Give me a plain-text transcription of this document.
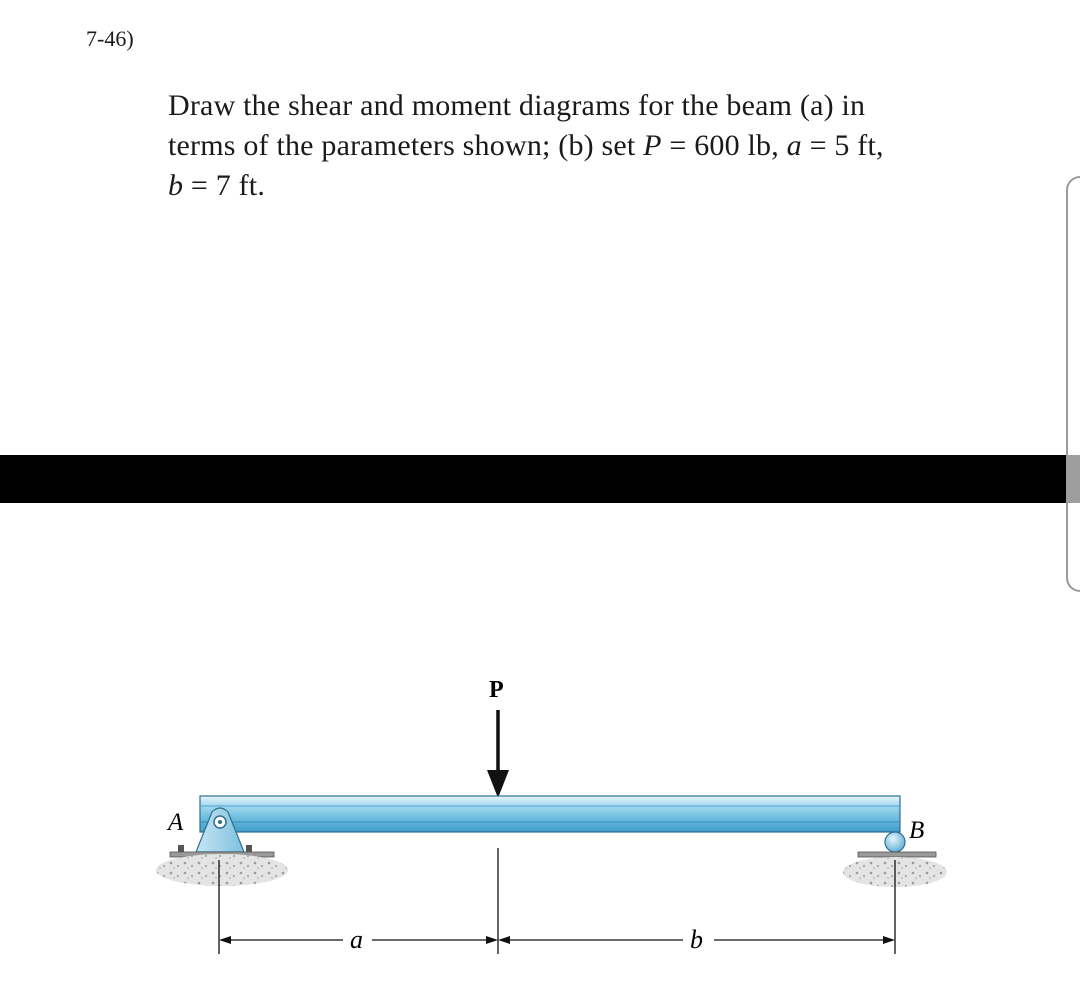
7-46)
Draw the shear and moment diagrams for the beam (a) in
terms of the parameters shown; (b) set P = 600 lb, a = 5 ft,
b = 7 ft.
P
A	B
a	b
